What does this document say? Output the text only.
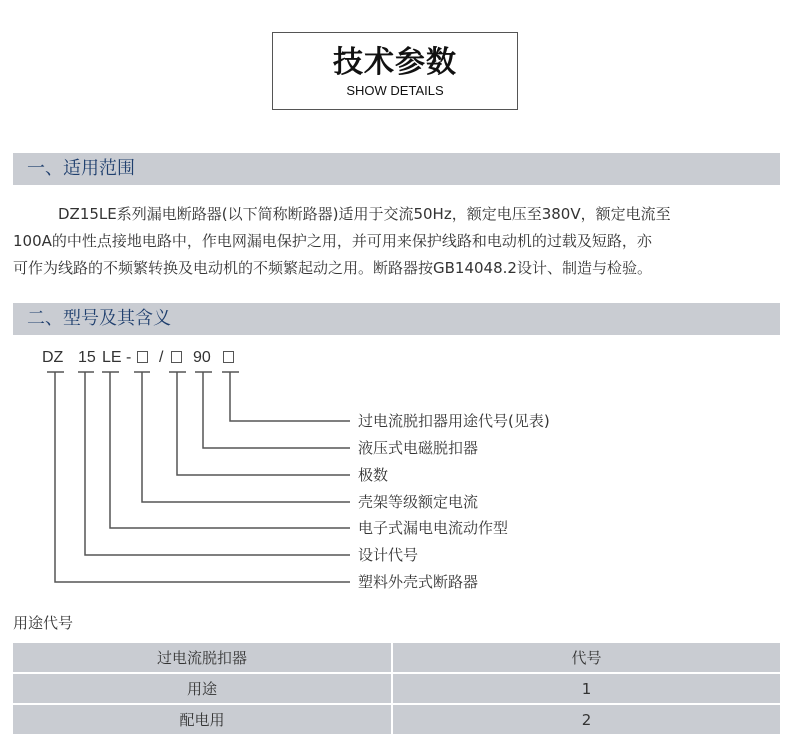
技术参数
SHOW DETAILS
一、适用范围
DZ15LE系列漏电断路器(以下简称断路器)适用于交流50Hz，额定电压至380V，额定电流至
100A的中性点接地电路中，作电网漏电保护之用，并可用来保护线路和电动机的过载及短路，亦
可作为线路的不频繁转换及电动机的不频繁起动之用。断路器按GB14048.2设计、制造与检验。
二、型号及其含义
DZ 15 LE - / 90
过电流脱扣器用途代号(见表)
液压式电磁脱扣器
极数
壳架等级额定电流
电子式漏电电流动作型
设计代号
塑料外壳式断路器
用途代号
过电流脱扣器	代号
用途	1
配电用	2
